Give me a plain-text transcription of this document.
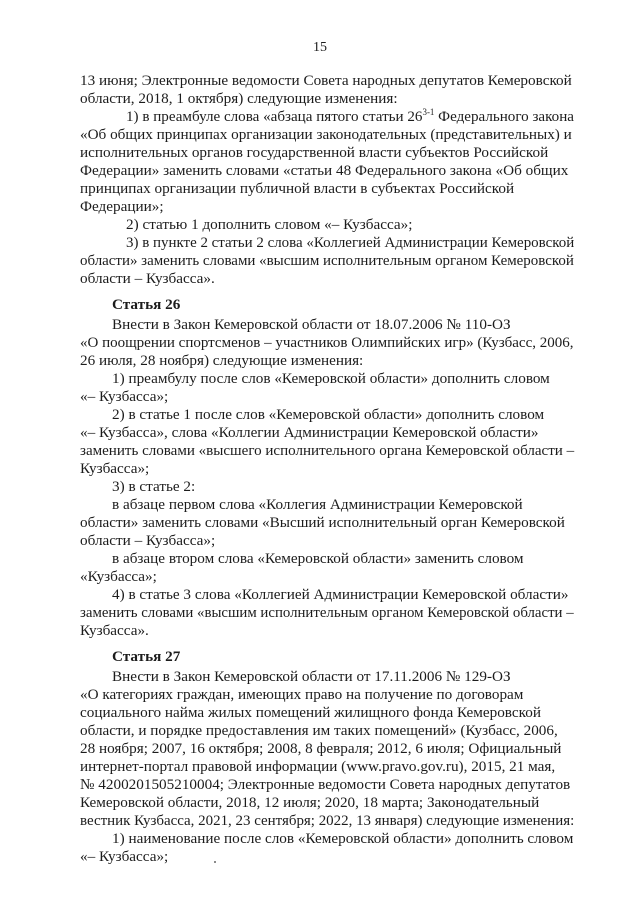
15
13 июня; Электронные ведомости Совета народных депутатов Кемеровской
области, 2018, 1 октября) следующие изменения:
1) в преамбуле слова «абзаца пятого статьи 26$^{3-1}$ Федерального закона
«Об общих принципах организации законодательных (представительных) и
исполнительных органов государственной власти субъектов Российской
Федерации» заменить словами «статьи 48 Федерального закона «Об общих
принципах организации публичной власти в субъектах Российской
Федерации»;
2) статью 1 дополнить словом «– Кузбасса»;
3) в пункте 2 статьи 2 слова «Коллегией Администрации Кемеровской
области» заменить словами «высшим исполнительным органом Кемеровской
области – Кузбасса».
Статья 26
Внести в Закон Кемеровской области от 18.07.2006 № 110-ОЗ
«О поощрении спортсменов – участников Олимпийских игр» (Кузбасс, 2006,
26 июля, 28 ноября) следующие изменения:
1) преамбулу после слов «Кемеровской области» дополнить словом
«– Кузбасса»;
2) в статье 1 после слов «Кемеровской области» дополнить словом
«– Кузбасса», слова «Коллегии Администрации Кемеровской области»
заменить словами «высшего исполнительного органа Кемеровской области –
Кузбасса»;
3) в статье 2:
в абзаце первом слова «Коллегия Администрации Кемеровской
области» заменить словами «Высший исполнительный орган Кемеровской
области – Кузбасса»;
в абзаце втором слова «Кемеровской области» заменить словом
«Кузбасса»;
4) в статье 3 слова «Коллегией Администрации Кемеровской области»
заменить словами «высшим исполнительным органом Кемеровской области –
Кузбасса».
Статья 27
Внести в Закон Кемеровской области от 17.11.2006 № 129-ОЗ
«О категориях граждан, имеющих право на получение по договорам
социального найма жилых помещений жилищного фонда Кемеровской
области, и порядке предоставления им таких помещений» (Кузбасс, 2006,
28 ноября; 2007, 16 октября; 2008, 8 февраля; 2012, 6 июля; Официальный
интернет-портал правовой информации (www.pravo.gov.ru), 2015, 21 мая,
№ 4200201505210004; Электронные ведомости Совета народных депутатов
Кемеровской области, 2018, 12 июля; 2020, 18 марта; Законодательный
вестник Кузбасса, 2021, 23 сентября; 2022, 13 января) следующие изменения:
1) наименование после слов «Кемеровской области» дополнить словом
«– Кузбасса»;
